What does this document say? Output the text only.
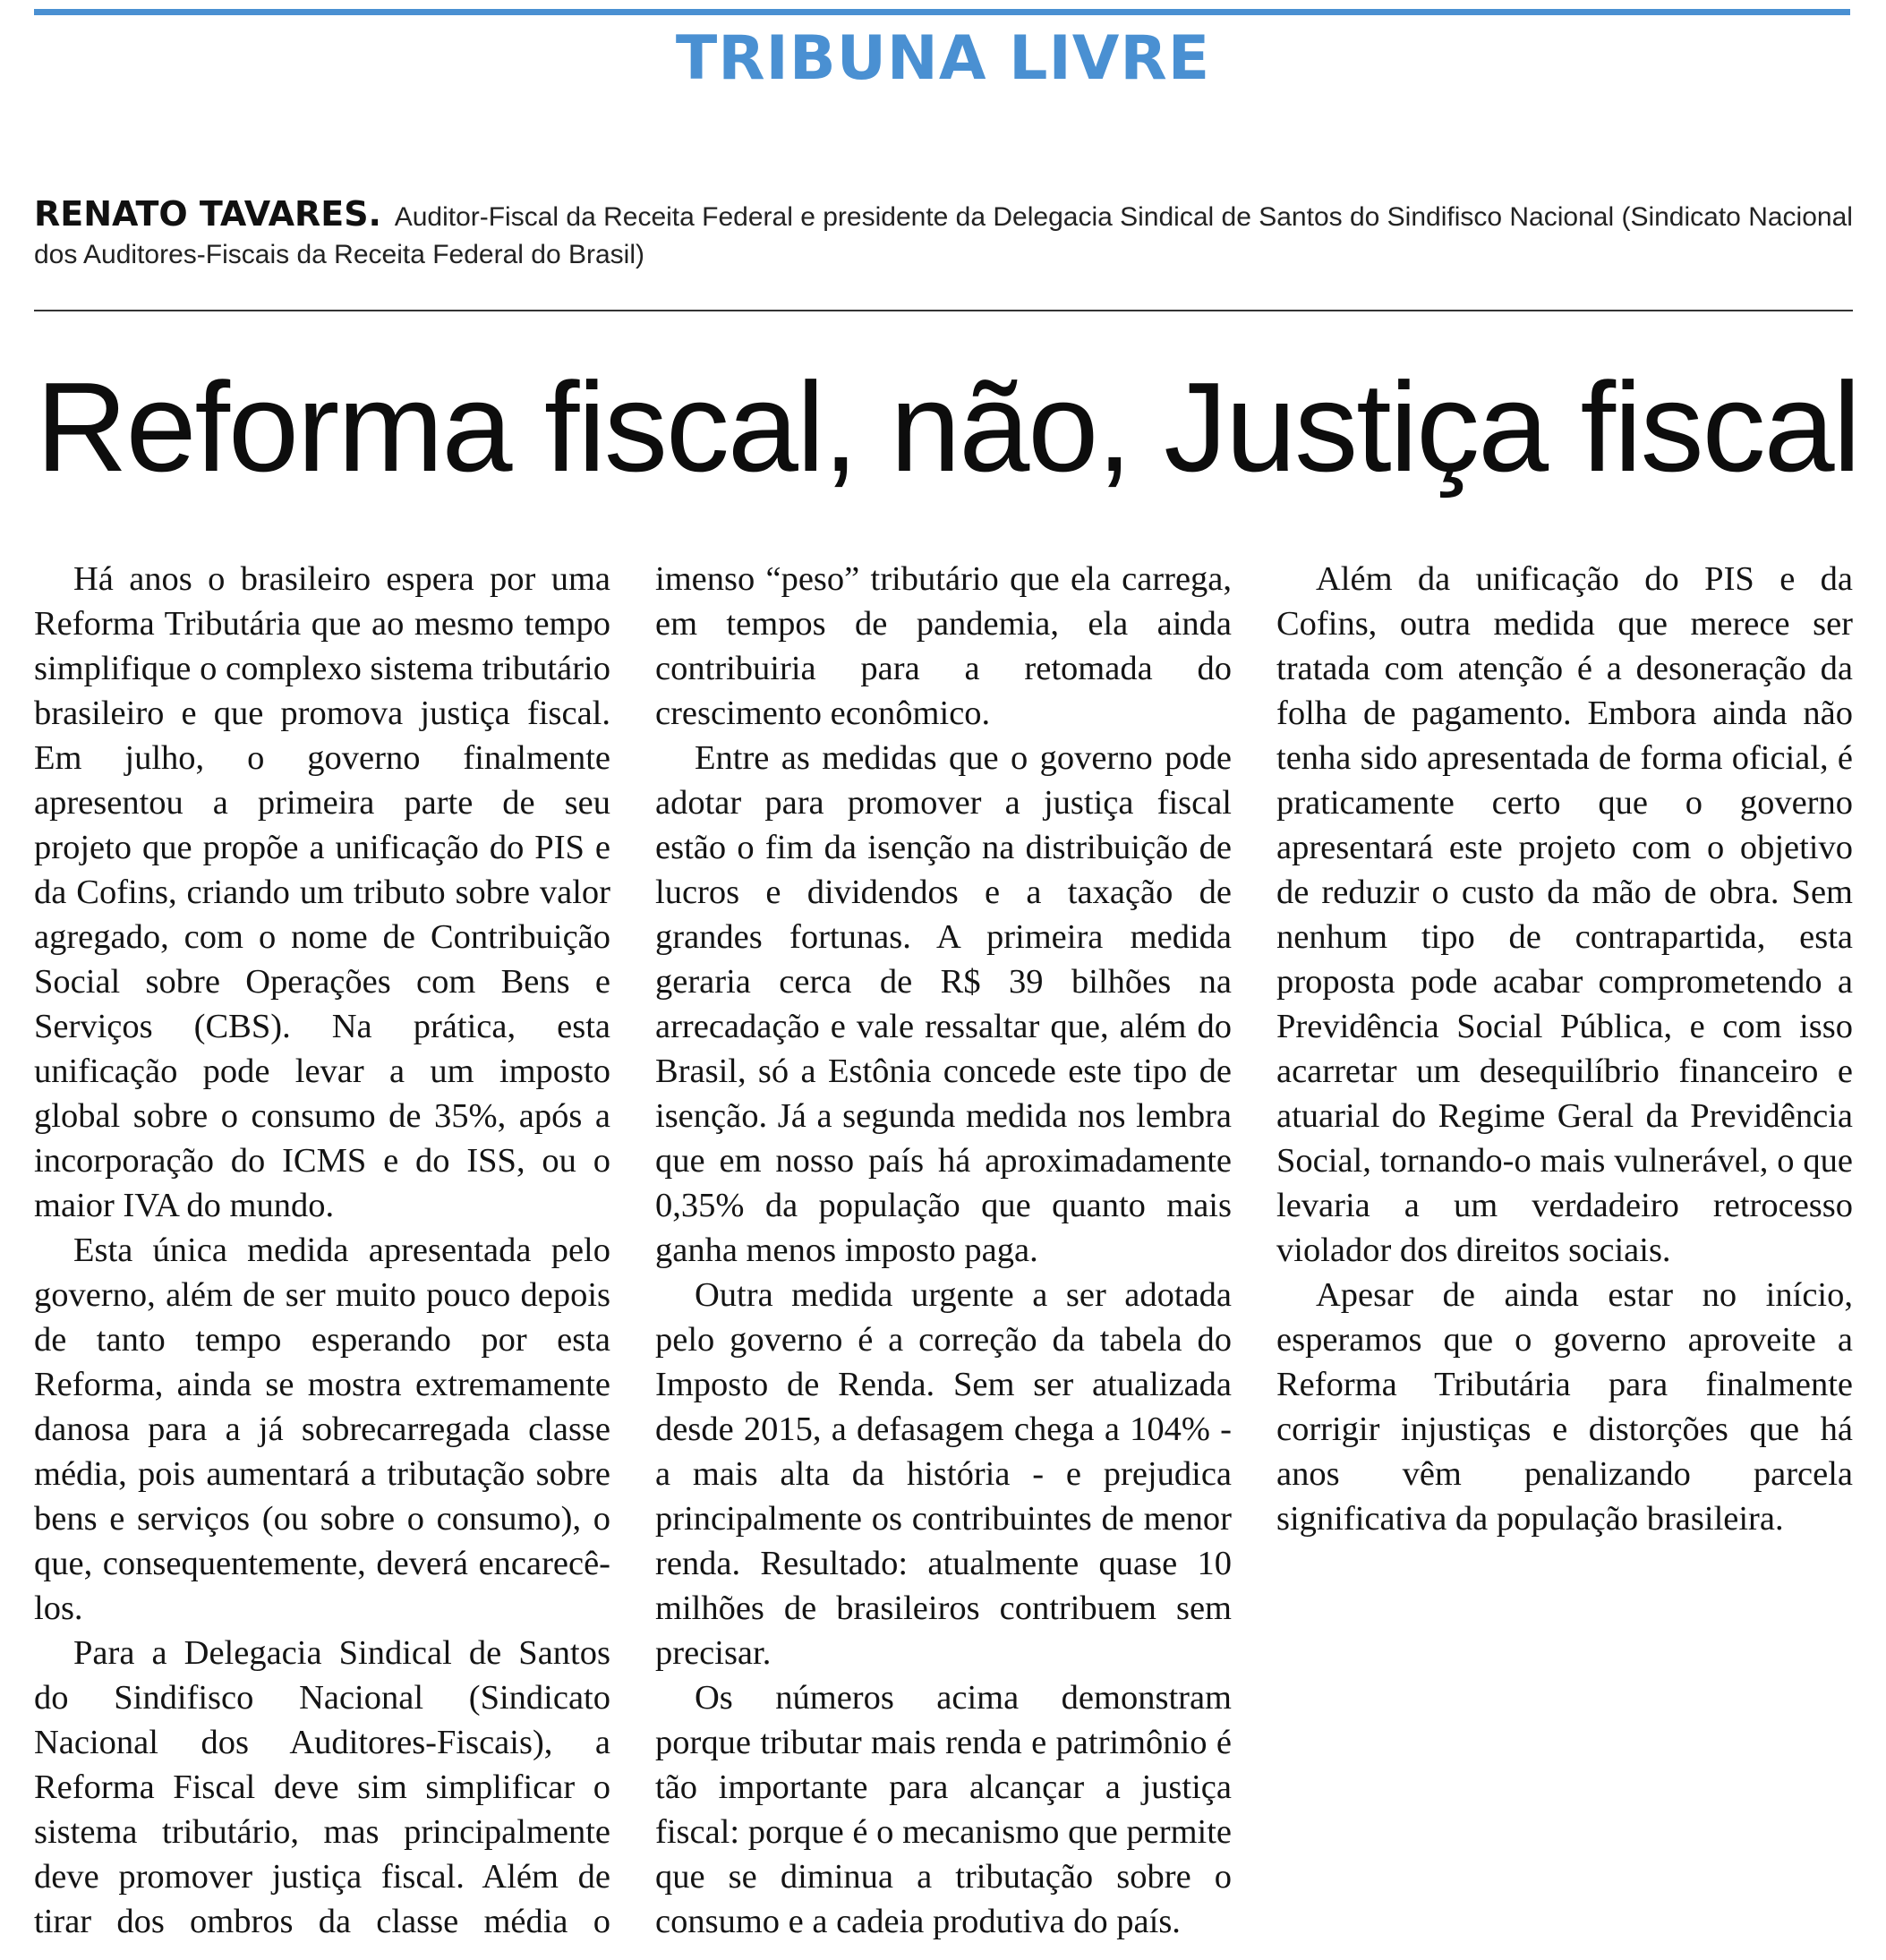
TRIBUNA LIVRE
RENATO TAVARES. Auditor-Fiscal da Receita Federal e presidente da Delegacia Sindical de Santos do Sindifisco Nacional (Sindicato Nacional dos Auditores-Fiscais da Receita Federal do Brasil)
Reforma fiscal, não, Justiça fiscal

Há anos o brasileiro espera por uma Reforma Tributária que ao mesmo tempo simplifique o complexo sistema tributário brasileiro e que promova justiça fiscal. Em julho, o governo finalmente apresentou a primeira parte de seu projeto que propõe a unificação do PIS e da Cofins, criando um tributo sobre valor agregado, com o nome de Contribuição Social sobre Operações com Bens e Serviços (CBS). Na prática, esta unificação pode levar a um imposto global sobre o consumo de 35%, após a incorporação do ICMS e do ISS, ou o maior IVA do mundo.

Esta única medida apresentada pelo governo, além de ser muito pouco depois de tanto tempo esperando por esta Reforma, ainda se mostra extremamente danosa para a já sobrecarregada classe média, pois aumentará a tributação sobre bens e serviços (ou sobre o consumo), o que, consequentemente, deverá encarecê-los.

Para a Delegacia Sindical de Santos do Sindifisco Nacional (Sindicato Nacional dos Auditores-Fiscais), a Reforma Fiscal deve sim simplificar o sistema tributário, mas principalmente deve promover justiça fiscal. Além de tirar dos ombros da classe média o imenso “peso” tributário que ela carrega, em tempos de pandemia, ela ainda contribuiria para a retomada do crescimento econômico.

Entre as medidas que o governo pode adotar para promover a justiça fiscal estão o fim da isenção na distribuição de lucros e dividendos e a taxação de grandes fortunas. A primeira medida geraria cerca de R$ 39 bilhões na arrecadação e vale ressaltar que, além do Brasil, só a Estônia concede este tipo de isenção. Já a segunda medida nos lembra que em nosso país há aproximadamente 0,35% da população que quanto mais ganha menos imposto paga.

Outra medida urgente a ser adotada pelo governo é a correção da tabela do Imposto de Renda. Sem ser atualizada desde 2015, a defasagem chega a 104% - a mais alta da história - e prejudica principalmente os contribuintes de menor renda. Resultado: atualmente quase 10 milhões de brasileiros contribuem sem precisar.

Os números acima demonstram porque tributar mais renda e patrimônio é tão importante para alcançar a justiça fiscal: porque é o mecanismo que permite que se diminua a tributação sobre o consumo e a cadeia produtiva do país.

Além da unificação do PIS e da Cofins, outra medida que merece ser tratada com atenção é a desoneração da folha de pagamento. Embora ainda não tenha sido apresentada de forma oficial, é praticamente certo que o governo apresentará este projeto com o objetivo de reduzir o custo da mão de obra. Sem nenhum tipo de contrapartida, esta proposta pode acabar comprometendo a Previdência Social Pública, e com isso acarretar um desequilíbrio financeiro e atuarial do Regime Geral da Previdência Social, tornando-o mais vulnerável, o que levaria a um verdadeiro retrocesso violador dos direitos sociais.

Apesar de ainda estar no início, esperamos que o governo aproveite a Reforma Tributária para finalmente corrigir injustiças e distorções que há anos vêm penalizando parcela significativa da população brasileira.
